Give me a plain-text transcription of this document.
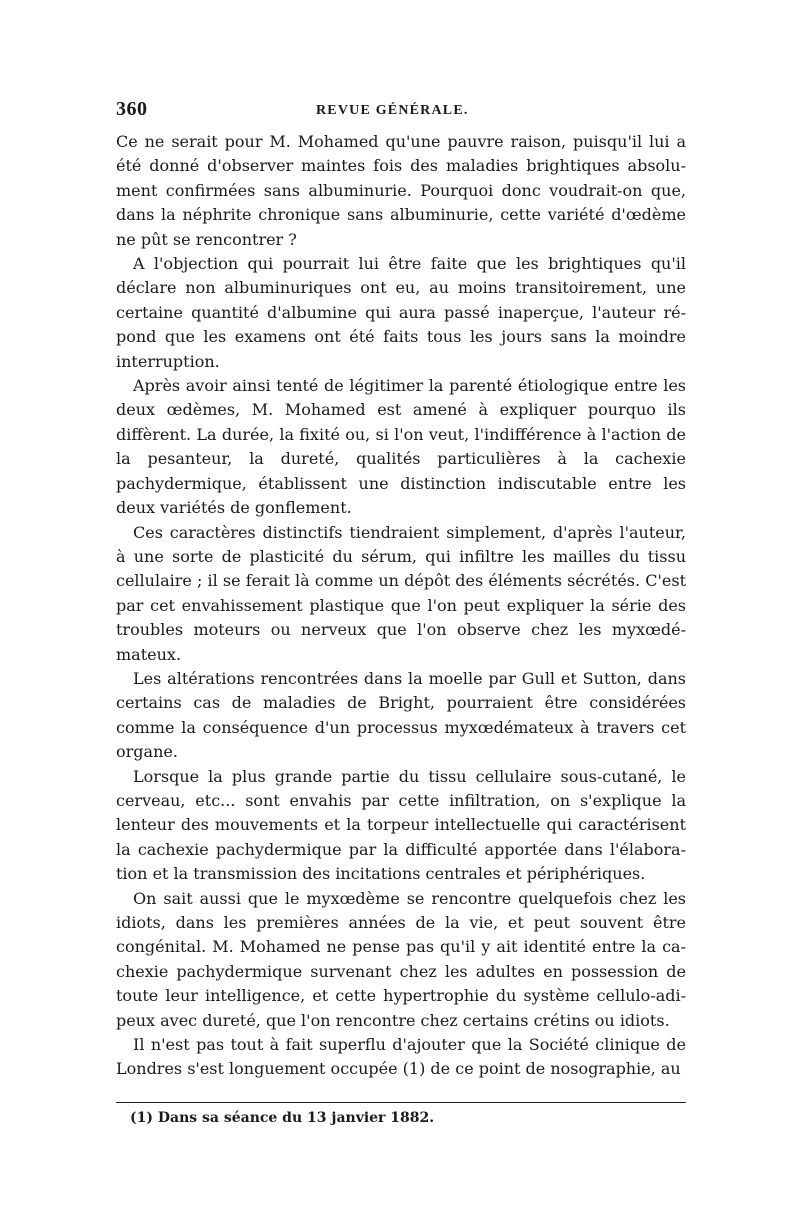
360	REVUE GÉNÉRALE.

Ce ne serait pour M. Mohamed qu'une pauvre raison, puisqu'il lui a été donné d'observer maintes fois des maladies brightiques absolument confirmées sans albuminurie. Pourquoi donc voudrait-on que, dans la néphrite chronique sans albuminurie, cette variété d'œdème ne pût se rencontrer ?

A l'objection qui pourrait lui être faite que les brightiques qu'il déclare non albuminuriques ont eu, au moins transitoirement, une certaine quantité d'albumine qui aura passé inaperçue, l'auteur répond que les examens ont été faits tous les jours sans la moindre interruption.

Après avoir ainsi tenté de légitimer la parenté étiologique entre les deux œdèmes, M. Mohamed est amené à expliquer pourquo ils diffèrent. La durée, la fixité ou, si l'on veut, l'indifférence à l'action de la pesanteur, la dureté, qualités particulières à la cachexie pachydermique, établissent une distinction indiscutable entre les deux variétés de gonflement.

Ces caractères distinctifs tiendraient simplement, d'après l'auteur, à une sorte de plasticité du sérum, qui infiltre les mailles du tissu cellulaire ; il se ferait là comme un dépôt des éléments sécrétés. C'est par cet envahissement plastique que l'on peut expliquer la série des troubles moteurs ou nerveux que l'on observe chez les myxœdémateux.

Les altérations rencontrées dans la moelle par Gull et Sutton, dans certains cas de maladies de Bright, pourraient être considérées comme la conséquence d'un processus myxœdémateux à travers cet organe.

Lorsque la plus grande partie du tissu cellulaire sous-cutané, le cerveau, etc... sont envahis par cette infiltration, on s'explique la lenteur des mouvements et la torpeur intellectuelle qui caractérisent la cachexie pachydermique par la difficulté apportée dans l'élaboration et la transmission des incitations centrales et périphériques.

On sait aussi que le myxœdème se rencontre quelquefois chez les idiots, dans les premières années de la vie, et peut souvent être congénital. M. Mohamed ne pense pas qu'il y ait identité entre la cachexie pachydermique survenant chez les adultes en possession de toute leur intelligence, et cette hypertrophie du système cellulo-adipeux avec dureté, que l'on rencontre chez certains crétins ou idiots.

Il n'est pas tout à fait superflu d'ajouter que la Société clinique de Londres s'est longuement occupée (1) de ce point de nosographie, au

(1) Dans sa séance du 13 janvier 1882.
